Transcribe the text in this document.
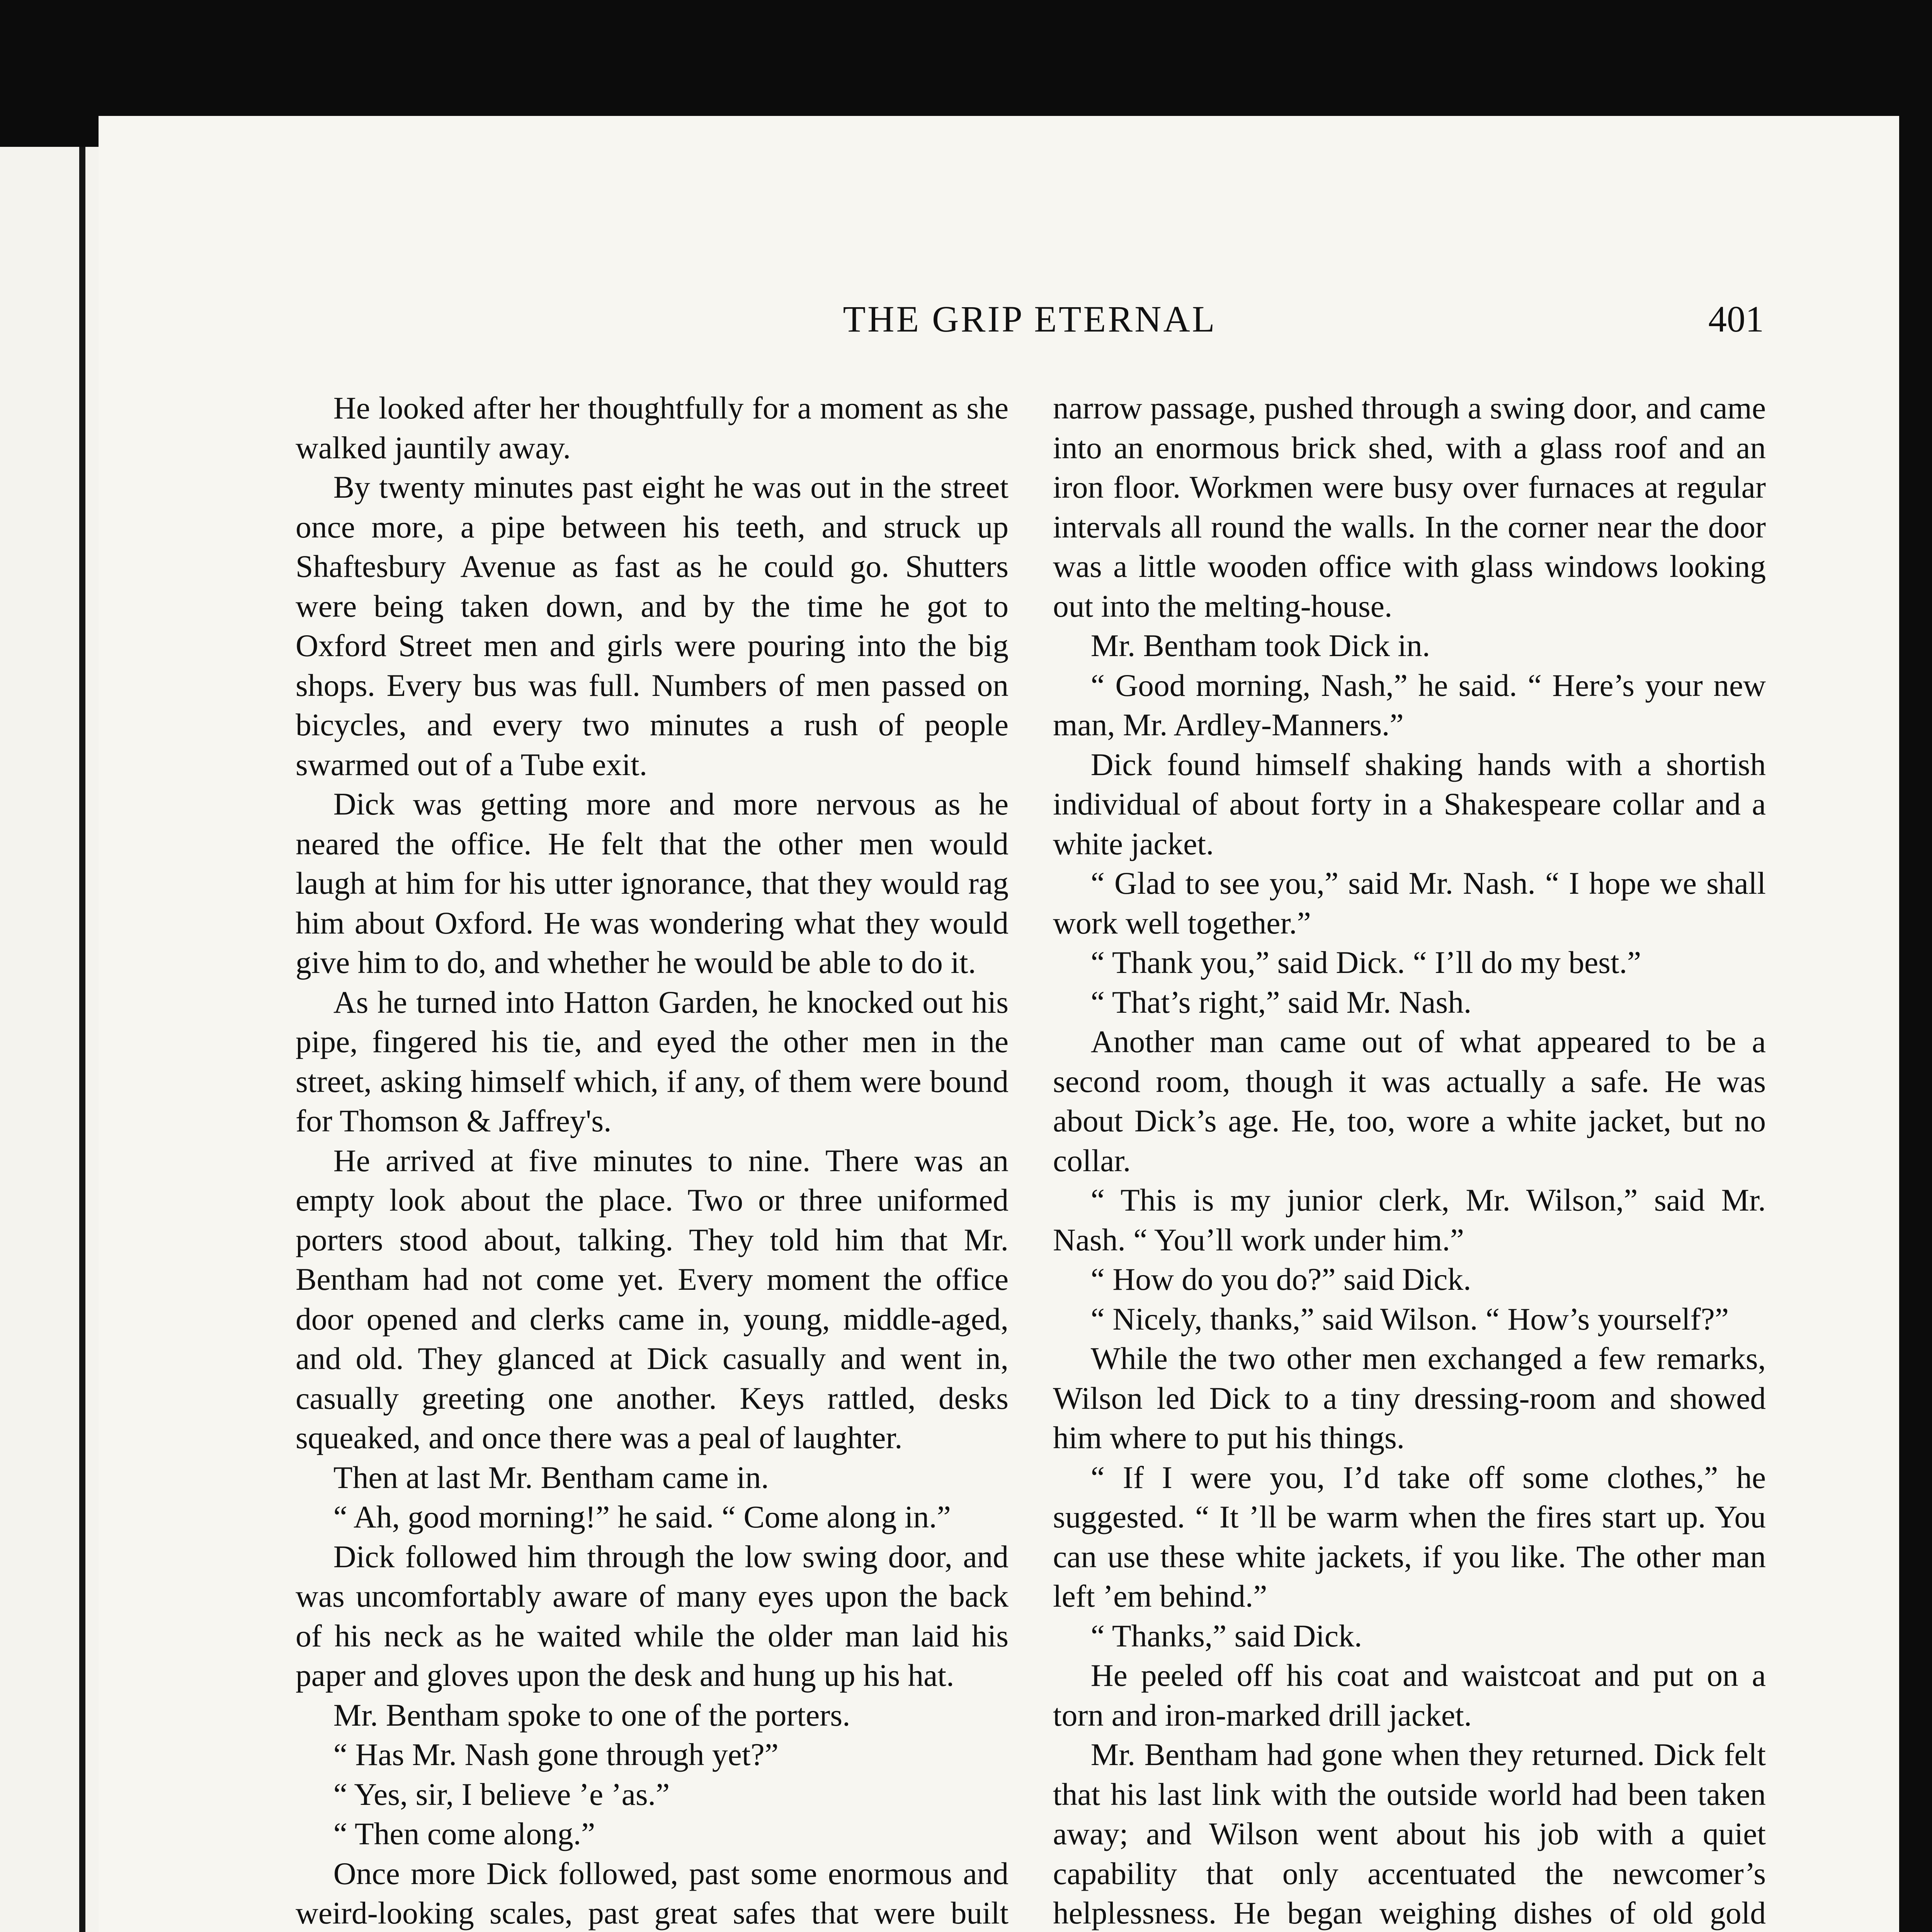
THE GRIP ETERNAL	401

He looked after her thoughtfully for a moment as she walked jauntily away.

By twenty minutes past eight he was out in the street once more, a pipe between his teeth, and struck up Shaftesbury Avenue as fast as he could go. Shutters were being taken down, and by the time he got to Oxford Street men and girls were pouring into the big shops. Every bus was full. Numbers of men passed on bicycles, and every two minutes a rush of people swarmed out of a Tube exit.

Dick was getting more and more nervous as he neared the office. He felt that the other men would laugh at him for his utter ignorance, that they would rag him about Oxford. He was wondering what they would give him to do, and whether he would be able to do it.

As he turned into Hatton Garden, he knocked out his pipe, fingered his tie, and eyed the other men in the street, asking himself which, if any, of them were bound for Thomson & Jaffrey's.

He arrived at five minutes to nine. There was an empty look about the place. Two or three uniformed porters stood about, talking. They told him that Mr. Bentham had not come yet. Every moment the office door opened and clerks came in, young, middle-aged, and old. They glanced at Dick casually and went in, casually greeting one another. Keys rattled, desks squeaked, and once there was a peal of laughter.

Then at last Mr. Bentham came in.

“ Ah, good morning!” he said. “ Come along in.”

Dick followed him through the low swing door, and was uncomfortably aware of many eyes upon the back of his neck as he waited while the older man laid his paper and gloves upon the desk and hung up his hat.

Mr. Bentham spoke to one of the porters.

“ Has Mr. Nash gone through yet?”

“ Yes, sir, I believe ’e ’as.”

“ Then come along.”

Once more Dick followed, past some enormous and weird-looking scales, past great safes that were built

narrow passage, pushed through a swing door, and came into an enormous brick shed, with a glass roof and an iron floor. Workmen were busy over furnaces at regular intervals all round the walls. In the corner near the door was a little wooden office with glass windows looking out into the melting-house.

Mr. Bentham took Dick in.

“ Good morning, Nash,” he said. “ Here’s your new man, Mr. Ardley-Manners.”

Dick found himself shaking hands with a shortish individual of about forty in a Shakespeare collar and a white jacket.

“ Glad to see you,” said Mr. Nash. “ I hope we shall work well together.”

“ Thank you,” said Dick. “ I’ll do my best.”

“ That’s right,” said Mr. Nash.

Another man came out of what appeared to be a second room, though it was actually a safe. He was about Dick’s age. He, too, wore a white jacket, but no collar.

“ This is my junior clerk, Mr. Wilson,” said Mr. Nash. “ You’ll work under him.”

“ How do you do?” said Dick.

“ Nicely, thanks,” said Wilson. “ How’s yourself?”

While the two other men exchanged a few remarks, Wilson led Dick to a tiny dressing-room and showed him where to put his things.

“ If I were you, I’d take off some clothes,” he suggested. “ It ’ll be warm when the fires start up. You can use these white jackets, if you like. The other man left ’em behind.”

“ Thanks,” said Dick.

He peeled off his coat and waistcoat and put on a torn and iron-marked drill jacket.

Mr. Bentham had gone when they returned. Dick felt that his last link with the outside world had been taken away; and Wilson went about his job with a quiet capability that only accentuated the newcomer’s helplessness. He began weighing dishes of old gold
